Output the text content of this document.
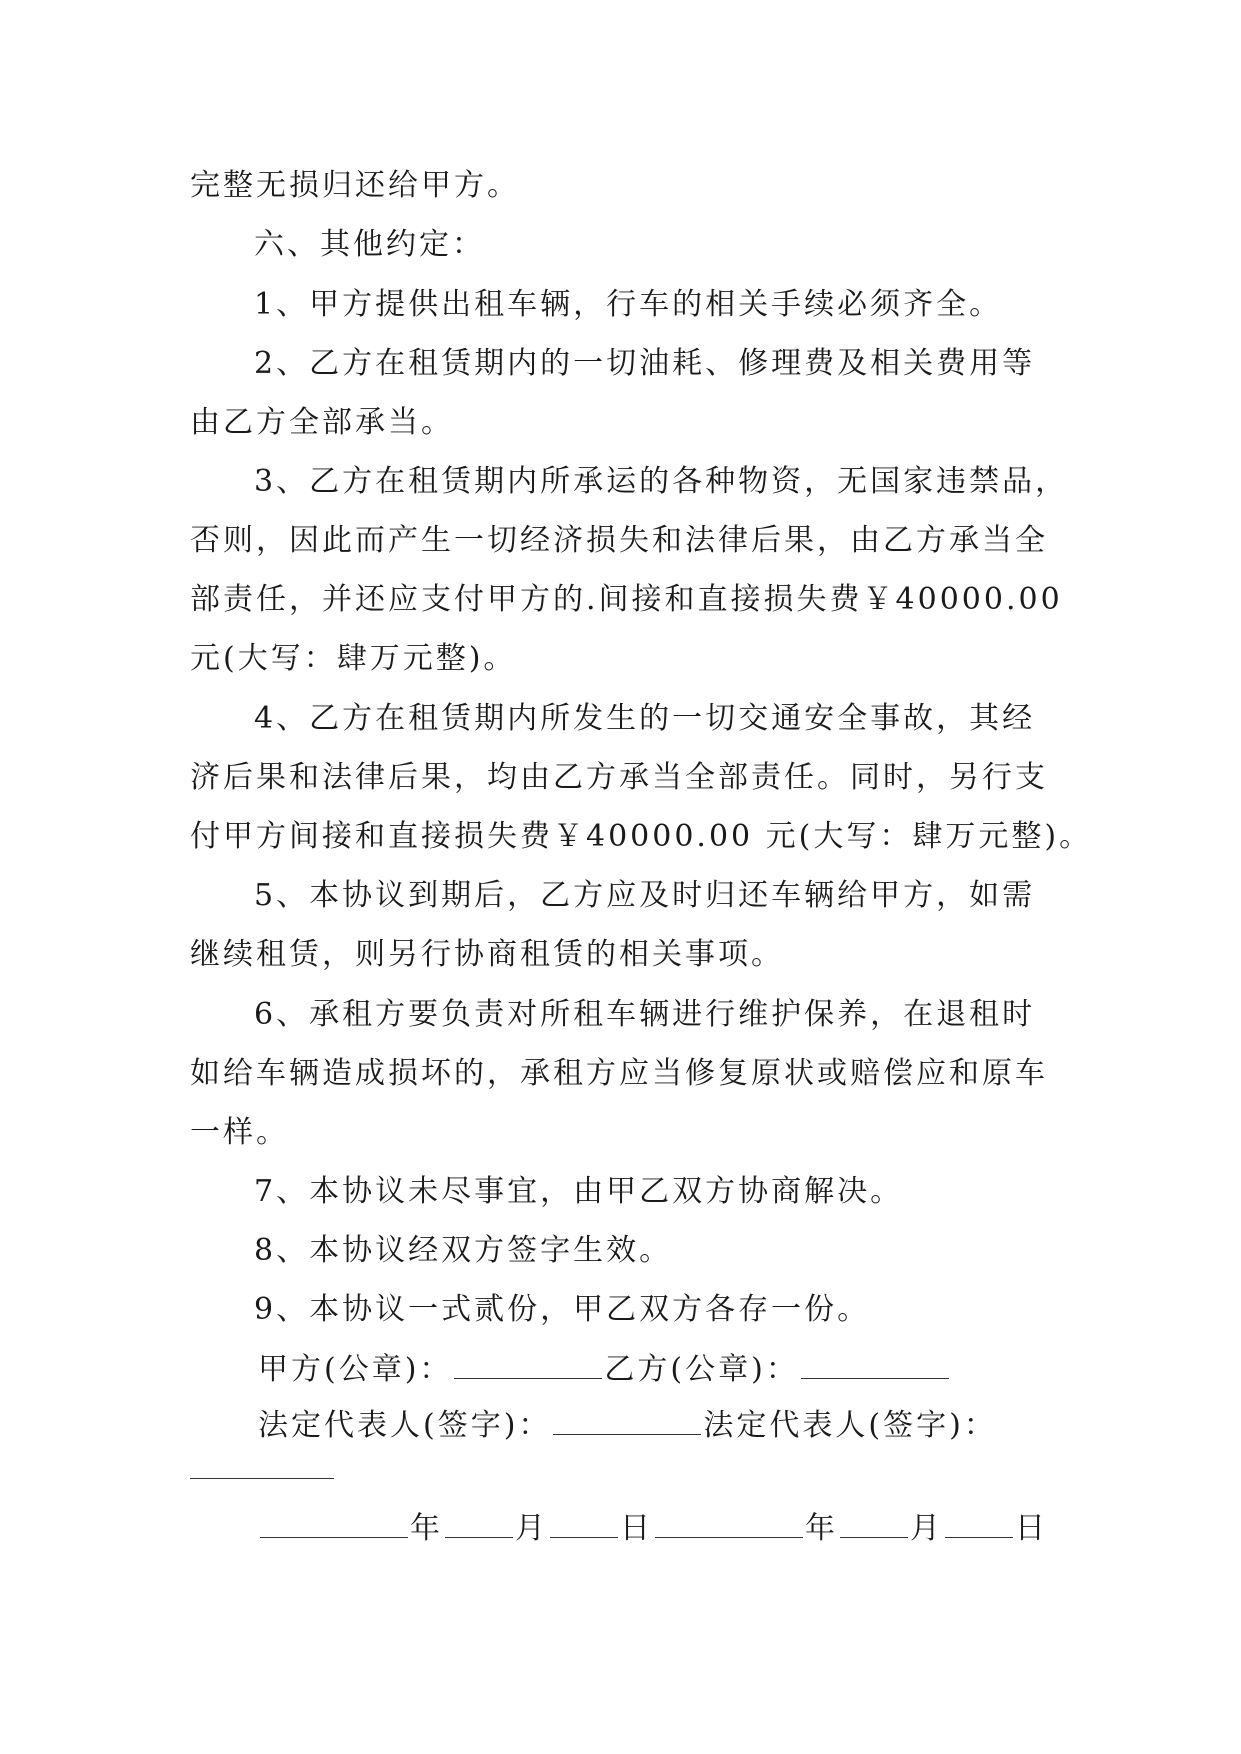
完整无损归还给甲方。
六、其他约定：
1、甲方提供出租车辆，行车的相关手续必须齐全。
2、乙方在租赁期内的一切油耗、修理费及相关费用等
由乙方全部承当。
3、乙方在租赁期内所承运的各种物资，无国家违禁品，
否则，因此而产生一切经济损失和法律后果，由乙方承当全
部责任，并还应支付甲方的.间接和直接损失费￥40000.00
元(大写：肆万元整)。
4、乙方在租赁期内所发生的一切交通安全事故，其经
济后果和法律后果，均由乙方承当全部责任。同时，另行支
付甲方间接和直接损失费￥40000.00 元(大写：肆万元整)。
5、本协议到期后，乙方应及时归还车辆给甲方，如需
继续租赁，则另行协商租赁的相关事项。
6、承租方要负责对所租车辆进行维护保养，在退租时
如给车辆造成损坏的，承租方应当修复原状或赔偿应和原车
一样。
7、本协议未尽事宜，由甲乙双方协商解决。
8、本协议经双方签字生效。
9、本协议一式贰份，甲乙双方各存一份。
甲方(公章)：	乙方(公章)：
法定代表人(签字)：	法定代表人(签字)：
年 月 日	年 月 日
